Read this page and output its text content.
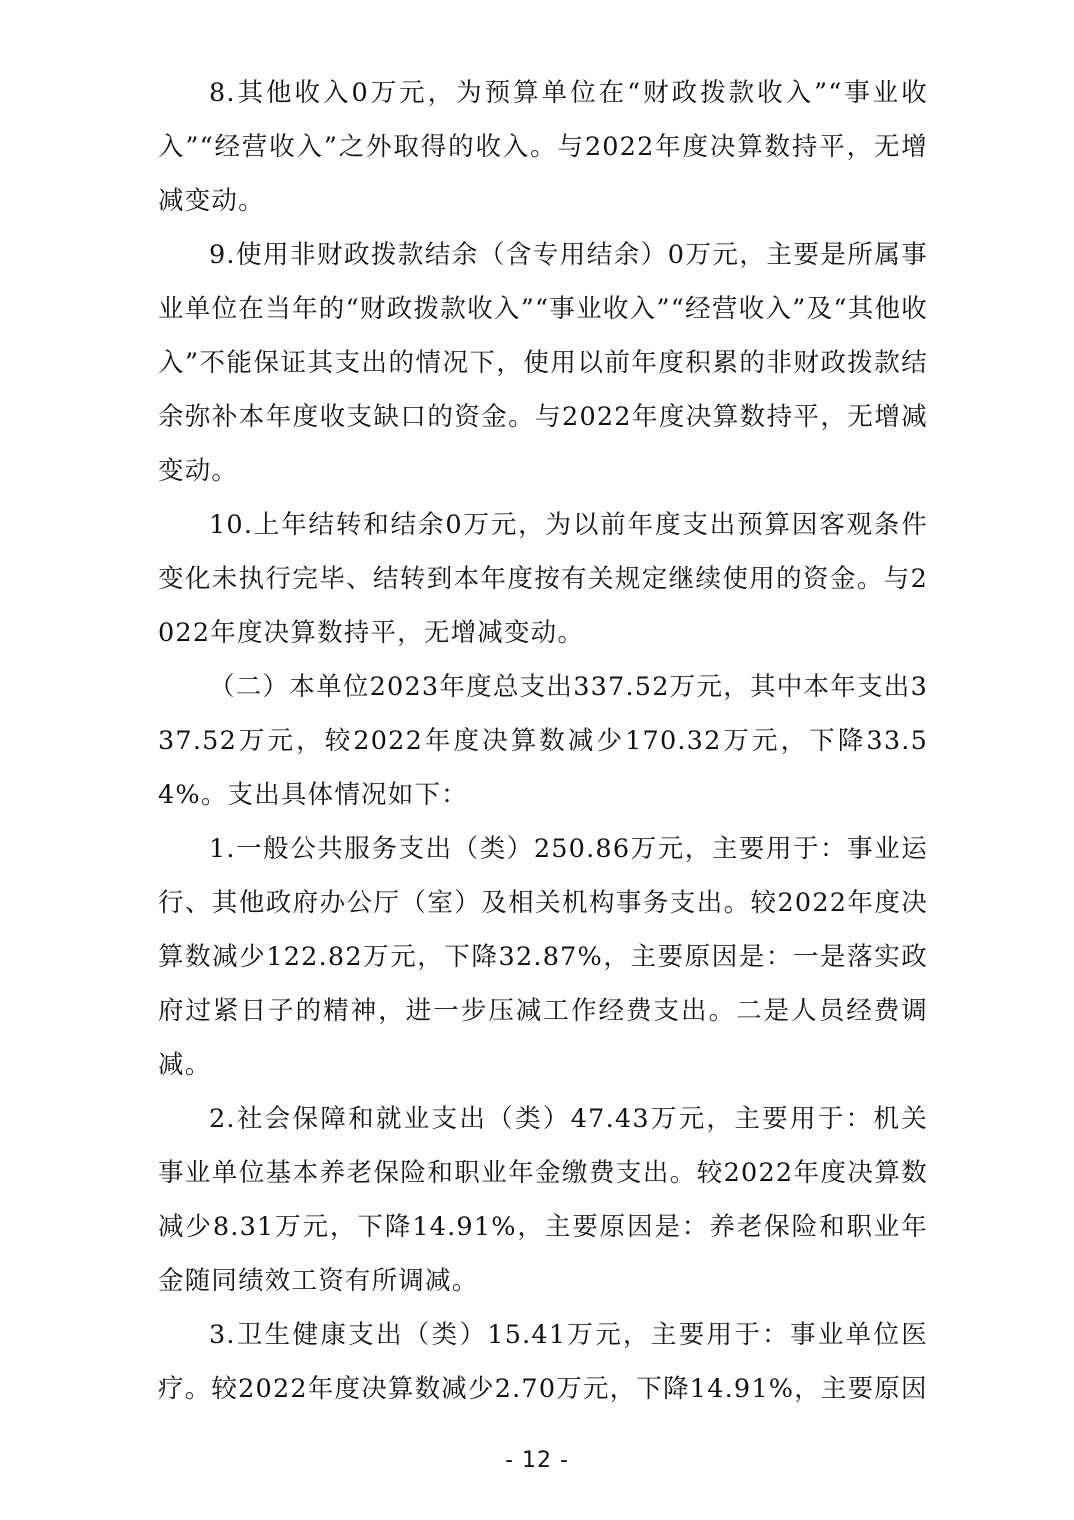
8.其他收入0万元，为预算单位在“财政拨款收入”“事业收入”“经营收入”之外取得的收入。与2022年度决算数持平，无增减变动。

9.使用非财政拨款结余（含专用结余）0万元，主要是所属事业单位在当年的“财政拨款收入”“事业收入”“经营收入”及“其他收入”不能保证其支出的情况下，使用以前年度积累的非财政拨款结余弥补本年度收支缺口的资金。与2022年度决算数持平，无增减变动。

10.上年结转和结余0万元，为以前年度支出预算因客观条件变化未执行完毕、结转到本年度按有关规定继续使用的资金。与2022年度决算数持平，无增减变动。

（二）本单位2023年度总支出337.52万元，其中本年支出337.52万元，较2022年度决算数减少170.32万元，下降33.54%。支出具体情况如下：

1.一般公共服务支出（类）250.86万元，主要用于：事业运行、其他政府办公厅（室）及相关机构事务支出。较2022年度决算数减少122.82万元，下降32.87%，主要原因是：一是落实政府过紧日子的精神，进一步压减工作经费支出。二是人员经费调减。

2.社会保障和就业支出（类）47.43万元，主要用于：机关事业单位基本养老保险和职业年金缴费支出。较2022年度决算数减少8.31万元，下降14.91%，主要原因是：养老保险和职业年金随同绩效工资有所调减。

3.卫生健康支出（类）15.41万元，主要用于：事业单位医疗。较2022年度决算数减少2.70万元，下降14.91%，主要原因

- 12 -
